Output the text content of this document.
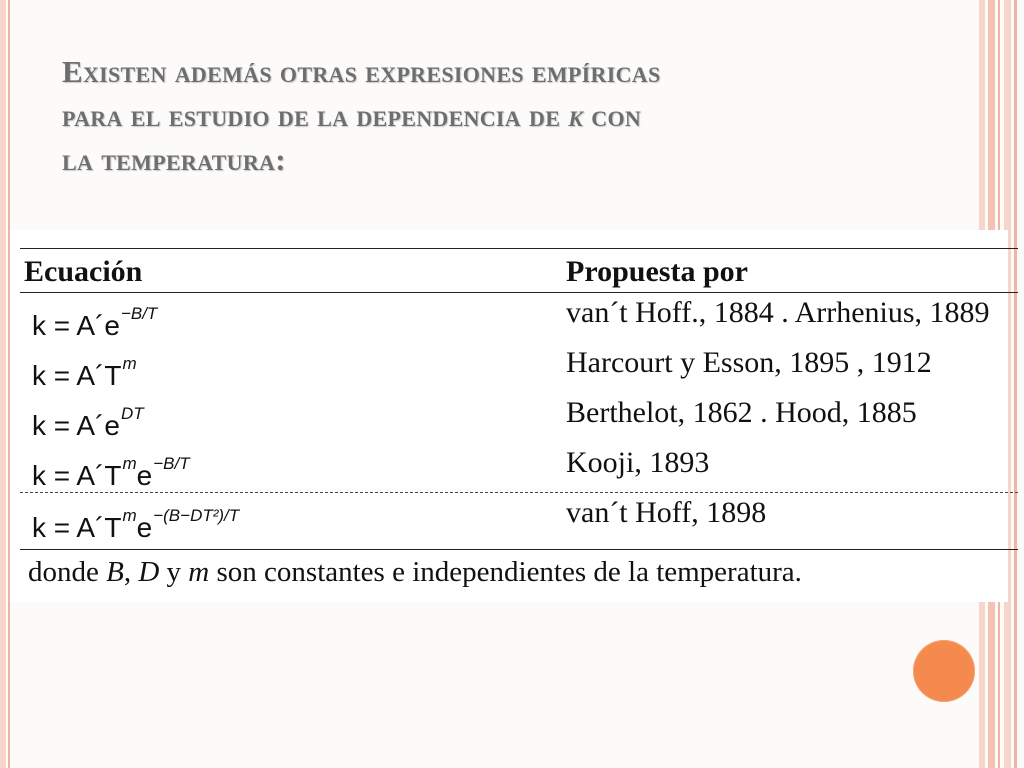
Existen además otras expresiones empíricas
para el estudio de la dependencia de k con
la temperatura:
Ecuación	Propuesta por
$k = A´e^{-B/T}$	van´t Hoff., 1884 . Arrhenius, 1889
$k = A´T^m$	Harcourt y Esson, 1895 , 1912
$k = A´e^{DT}$	Berthelot, 1862 . Hood, 1885
$k = A´T^me^{-B/T}$	Kooji, 1893
$k = A´T^me^{-(B-DT^2)/T}$	van´t Hoff, 1898
donde B, D y m son constantes e independientes de la temperatura.
